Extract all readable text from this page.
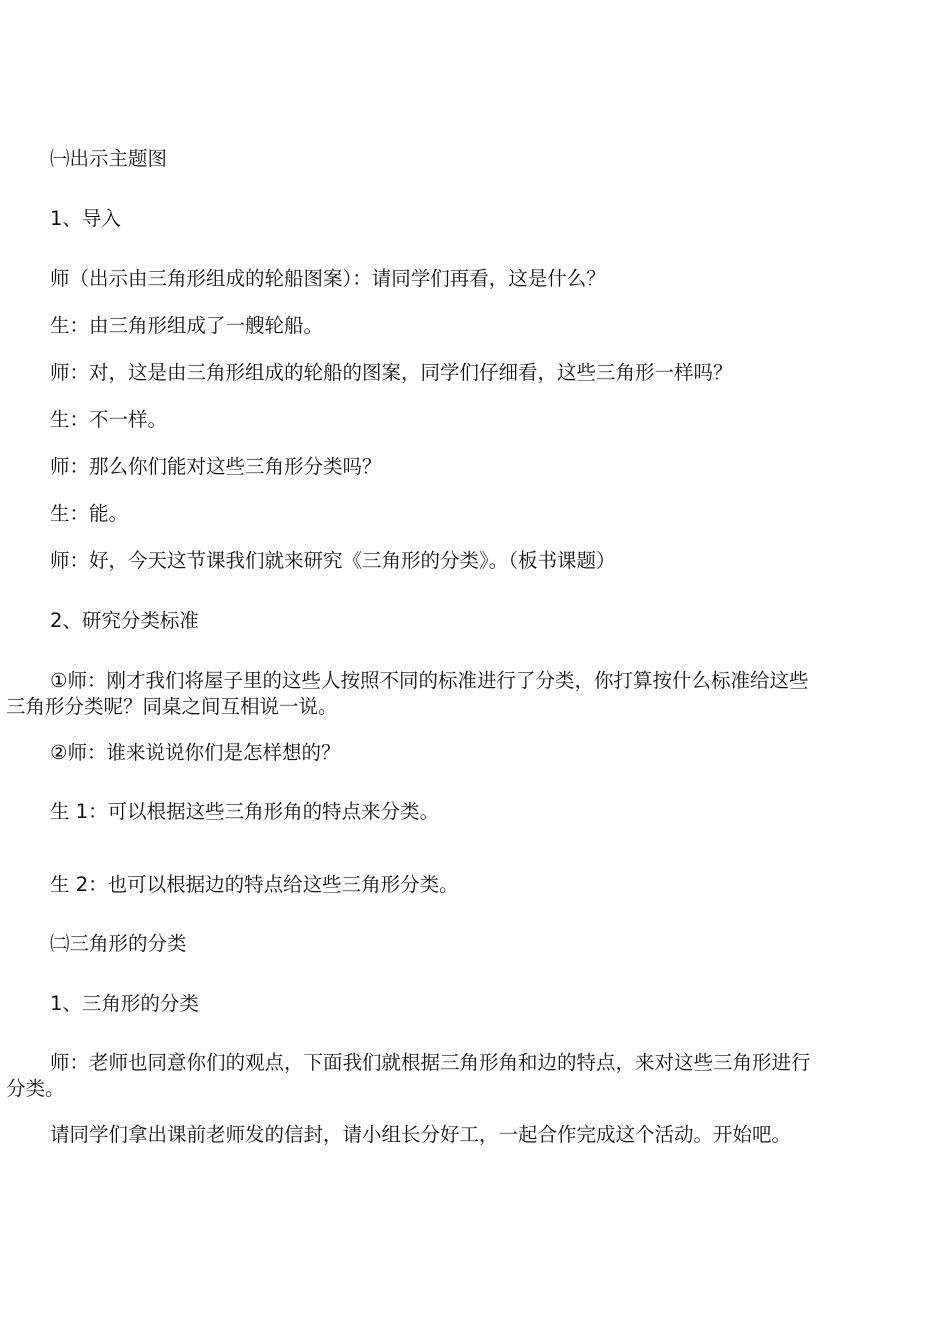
㈠出示主题图
1、导入
师（出示由三角形组成的轮船图案）：请同学们再看，这是什么？
生：由三角形组成了一艘轮船。
师：对，这是由三角形组成的轮船的图案，同学们仔细看，这些三角形一样吗？
生：不一样。
师：那么你们能对这些三角形分类吗？
生：能。
师：好，今天这节课我们就来研究《三角形的分类》。（板书课题）
2、研究分类标准
①师：刚才我们将屋子里的这些人按照不同的标准进行了分类，你打算按什么标准给这些三角形分类呢？同桌之间互相说一说。
②师：谁来说说你们是怎样想的？
生 1：可以根据这些三角形角的特点来分类。
生 2：也可以根据边的特点给这些三角形分类。
㈡三角形的分类
1、三角形的分类
师：老师也同意你们的观点，下面我们就根据三角形角和边的特点，来对这些三角形进行分类。
请同学们拿出课前老师发的信封，请小组长分好工，一起合作完成这个活动。开始吧。
